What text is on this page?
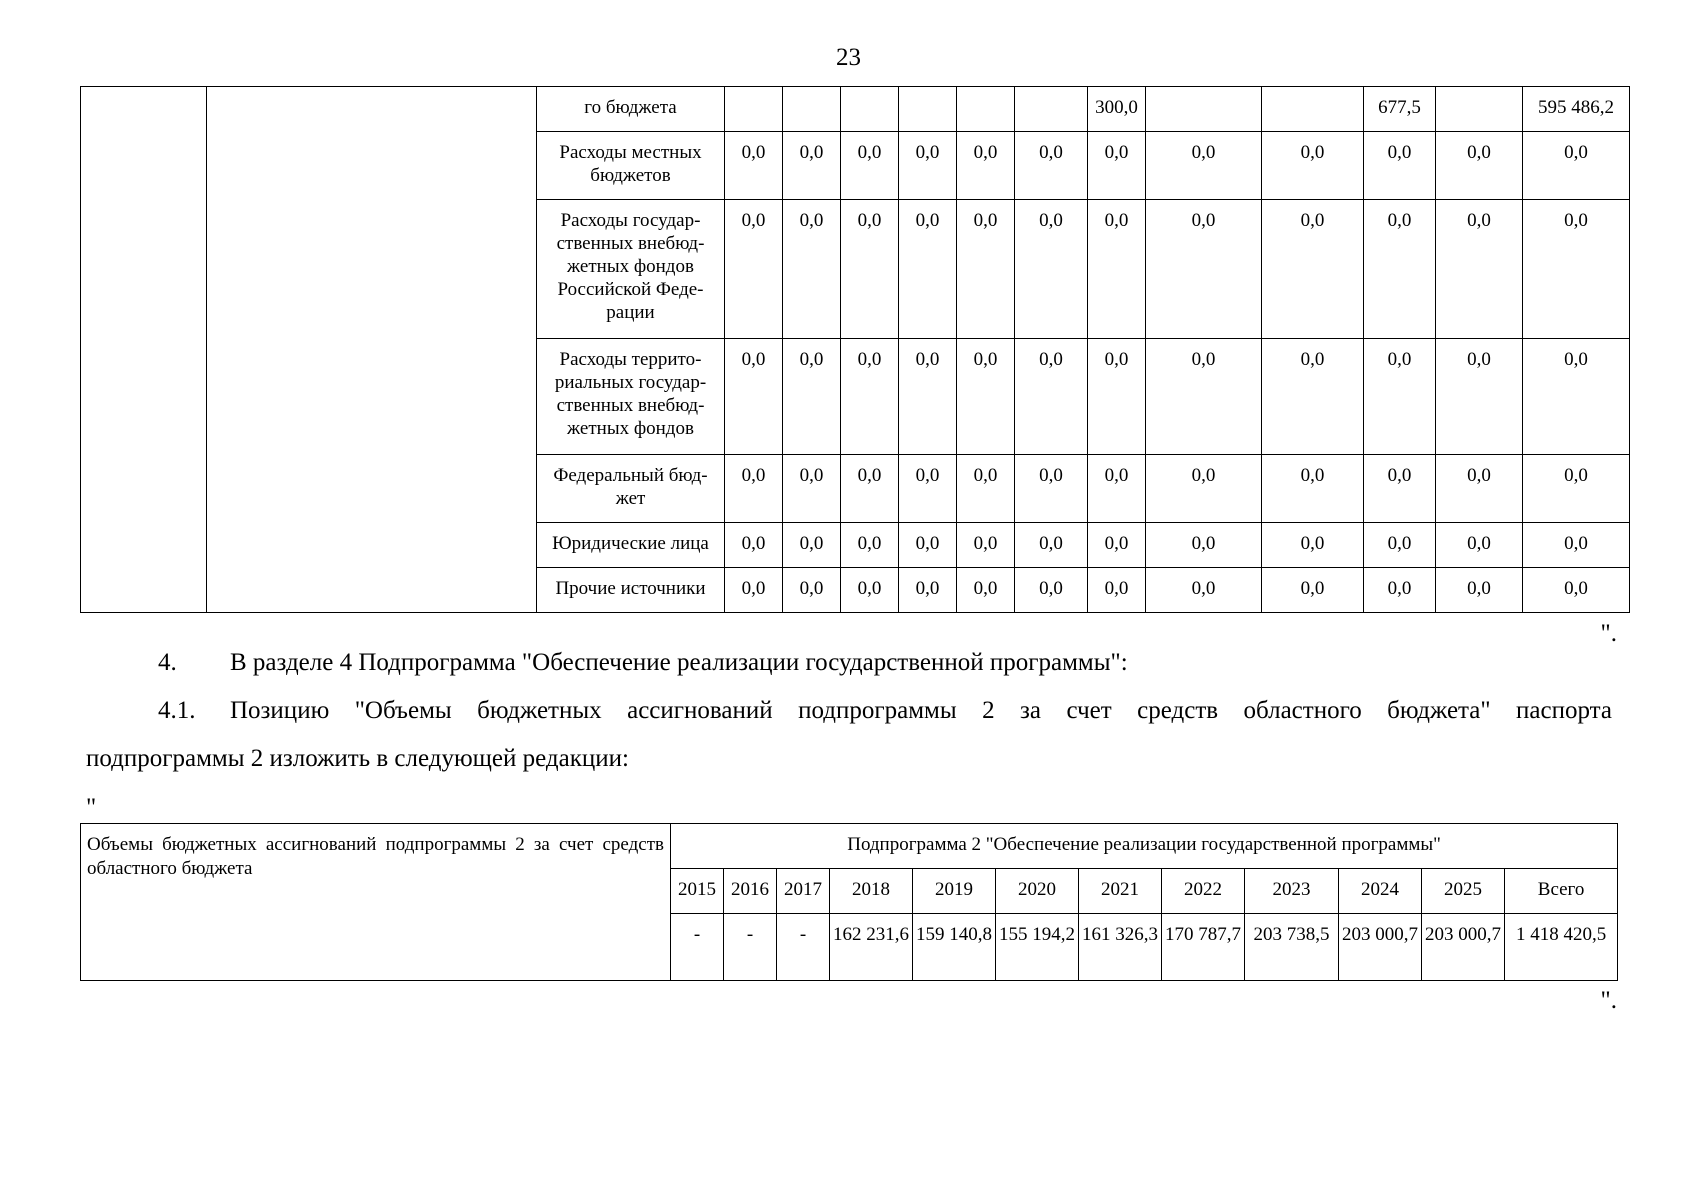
23
		го бюджета							300,0			677,5		595 486,2
		Расходы местных бюджетов	0,0	0,0	0,0	0,0	0,0	0,0	0,0	0,0	0,0	0,0	0,0	0,0
		Расходы государ-ственных внебюд-жетных фондов Российской Феде-рации	0,0	0,0	0,0	0,0	0,0	0,0	0,0	0,0	0,0	0,0	0,0	0,0
		Расходы террито-риальных государ-ственных внебюд-жетных фондов	0,0	0,0	0,0	0,0	0,0	0,0	0,0	0,0	0,0	0,0	0,0	0,0
		Федеральный бюд-жет	0,0	0,0	0,0	0,0	0,0	0,0	0,0	0,0	0,0	0,0	0,0	0,0
		Юридические лица	0,0	0,0	0,0	0,0	0,0	0,0	0,0	0,0	0,0	0,0	0,0	0,0
		Прочие источники	0,0	0,0	0,0	0,0	0,0	0,0	0,0	0,0	0,0	0,0	0,0	0,0
".
4. В разделе 4 Подпрограмма "Обеспечение реализации государственной программы":
4.1. Позицию "Объемы бюджетных ассигнований подпрограммы 2 за счет средств областного бюджета" паспорта
подпрограммы 2 изложить в следующей редакции:
"
Объемы бюджетных ассигнований подпрограммы 2 за счет средств областного бюджета	Подпрограмма 2 "Обеспечение реализации государственной программы"											
	2015	2016	2017	2018	2019	2020	2021	2022	2023	2024	2025	Всего
	-	-	-	162 231,6	159 140,8	155 194,2	161 326,3	170 787,7	203 738,5	203 000,7	203 000,7	1 418 420,5
".
